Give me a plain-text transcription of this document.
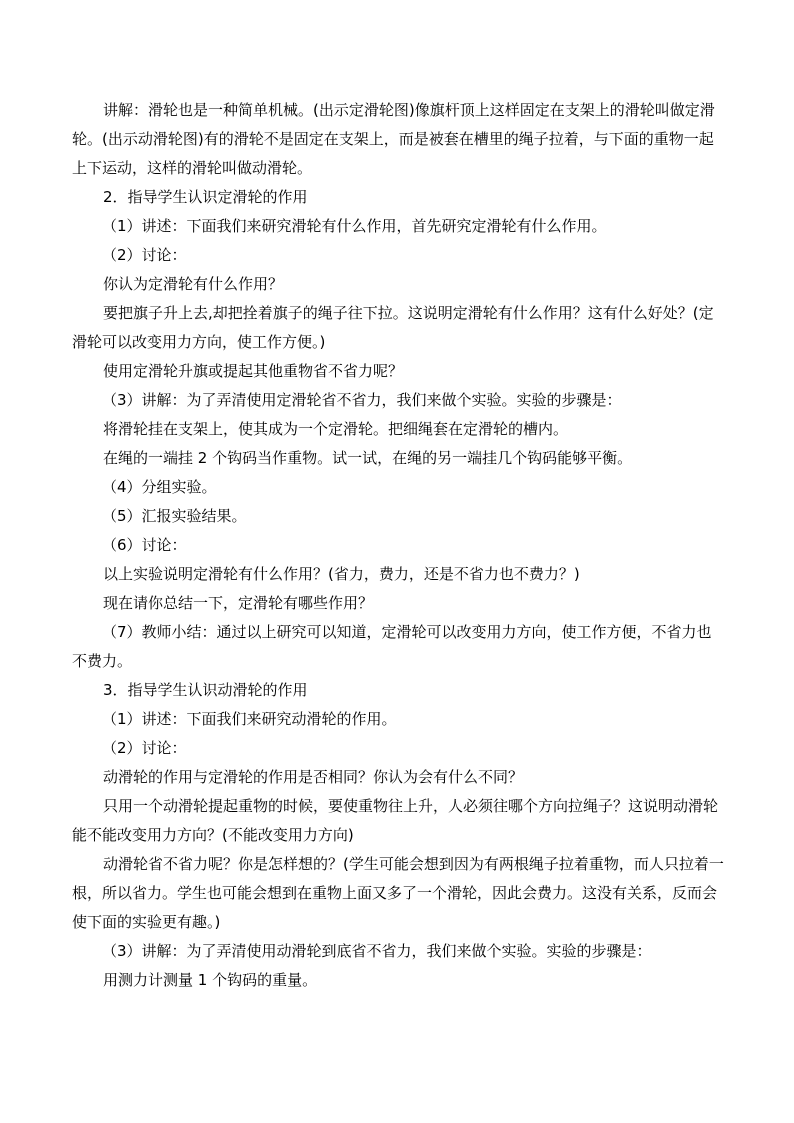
讲解：滑轮也是一种简单机械。(出示定滑轮图)像旗杆顶上这样固定在支架上的滑轮叫做定滑轮。(出示动滑轮图)有的滑轮不是固定在支架上，而是被套在槽里的绳子拉着，与下面的重物一起上下运动，这样的滑轮叫做动滑轮。

2．指导学生认识定滑轮的作用

（1）讲述：下面我们来研究滑轮有什么作用，首先研究定滑轮有什么作用。

（2）讨论：

你认为定滑轮有什么作用？

要把旗子升上去,却把拴着旗子的绳子往下拉。这说明定滑轮有什么作用？这有什么好处？(定滑轮可以改变用力方向，使工作方便。)

使用定滑轮升旗或提起其他重物省不省力呢？

（3）讲解：为了弄清使用定滑轮省不省力，我们来做个实验。实验的步骤是：

将滑轮挂在支架上，使其成为一个定滑轮。把细绳套在定滑轮的槽内。

在绳的一端挂 2 个钩码当作重物。试一试，在绳的另一端挂几个钩码能够平衡。

（4）分组实验。

（5）汇报实验结果。

（6）讨论：

以上实验说明定滑轮有什么作用？(省力，费力，还是不省力也不费力？)

现在请你总结一下，定滑轮有哪些作用？

（7）教师小结：通过以上研究可以知道，定滑轮可以改变用力方向，使工作方便，不省力也不费力。

3．指导学生认识动滑轮的作用

（1）讲述：下面我们来研究动滑轮的作用。

（2）讨论：

动滑轮的作用与定滑轮的作用是否相同？你认为会有什么不同？

只用一个动滑轮提起重物的时候，要使重物往上升，人必须往哪个方向拉绳子？这说明动滑轮能不能改变用力方向？(不能改变用力方向)

动滑轮省不省力呢？你是怎样想的？(学生可能会想到因为有两根绳子拉着重物，而人只拉着一根，所以省力。学生也可能会想到在重物上面又多了一个滑轮，因此会费力。这没有关系，反而会使下面的实验更有趣。)

（3）讲解：为了弄清使用动滑轮到底省不省力，我们来做个实验。实验的步骤是：

用测力计测量 1 个钩码的重量。
